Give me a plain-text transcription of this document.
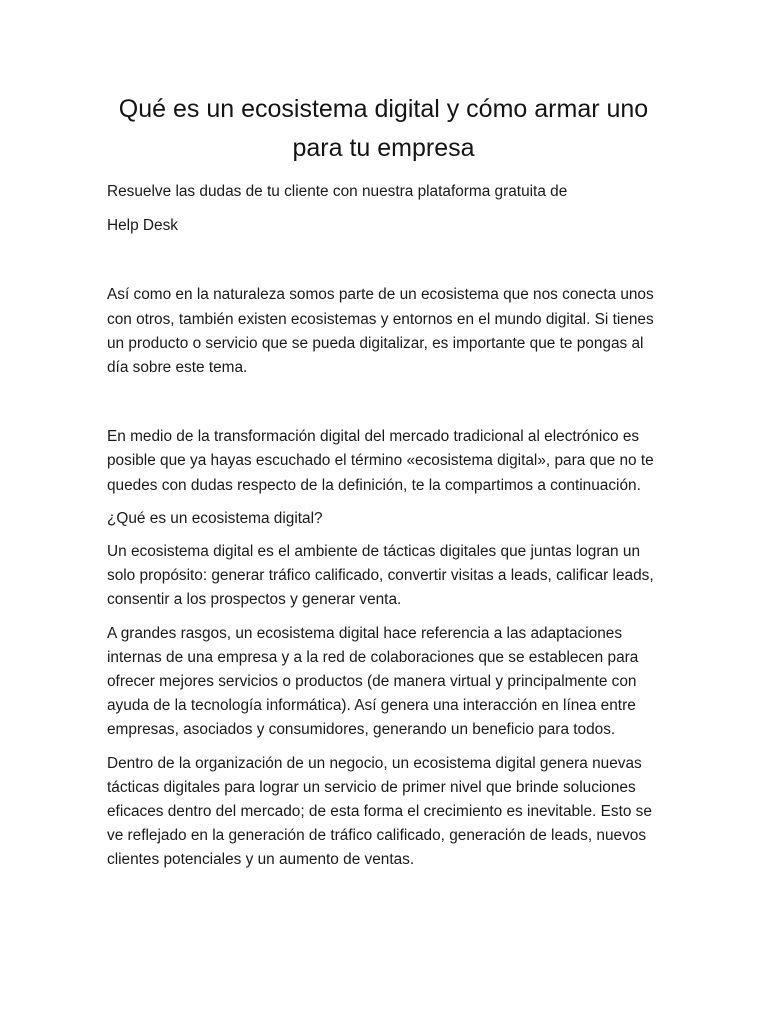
Qué es un ecosistema digital y cómo armar uno para tu empresa

Resuelve las dudas de tu cliente con nuestra plataforma gratuita de

Help Desk

Así como en la naturaleza somos parte de un ecosistema que nos conecta unos con otros, también existen ecosistemas y entornos en el mundo digital. Si tienes un producto o servicio que se pueda digitalizar, es importante que te pongas al día sobre este tema.

En medio de la transformación digital del mercado tradicional al electrónico es posible que ya hayas escuchado el término «ecosistema digital», para que no te quedes con dudas respecto de la definición, te la compartimos a continuación.

¿Qué es un ecosistema digital?

Un ecosistema digital es el ambiente de tácticas digitales que juntas logran un solo propósito: generar tráfico calificado, convertir visitas a leads, calificar leads, consentir a los prospectos y generar venta.

A grandes rasgos, un ecosistema digital hace referencia a las adaptaciones internas de una empresa y a la red de colaboraciones que se establecen para ofrecer mejores servicios o productos (de manera virtual y principalmente con ayuda de la tecnología informática). Así genera una interacción en línea entre empresas, asociados y consumidores, generando un beneficio para todos.

Dentro de la organización de un negocio, un ecosistema digital genera nuevas tácticas digitales para lograr un servicio de primer nivel que brinde soluciones eficaces dentro del mercado; de esta forma el crecimiento es inevitable. Esto se ve reflejado en la generación de tráfico calificado, generación de leads, nuevos clientes potenciales y un aumento de ventas.
